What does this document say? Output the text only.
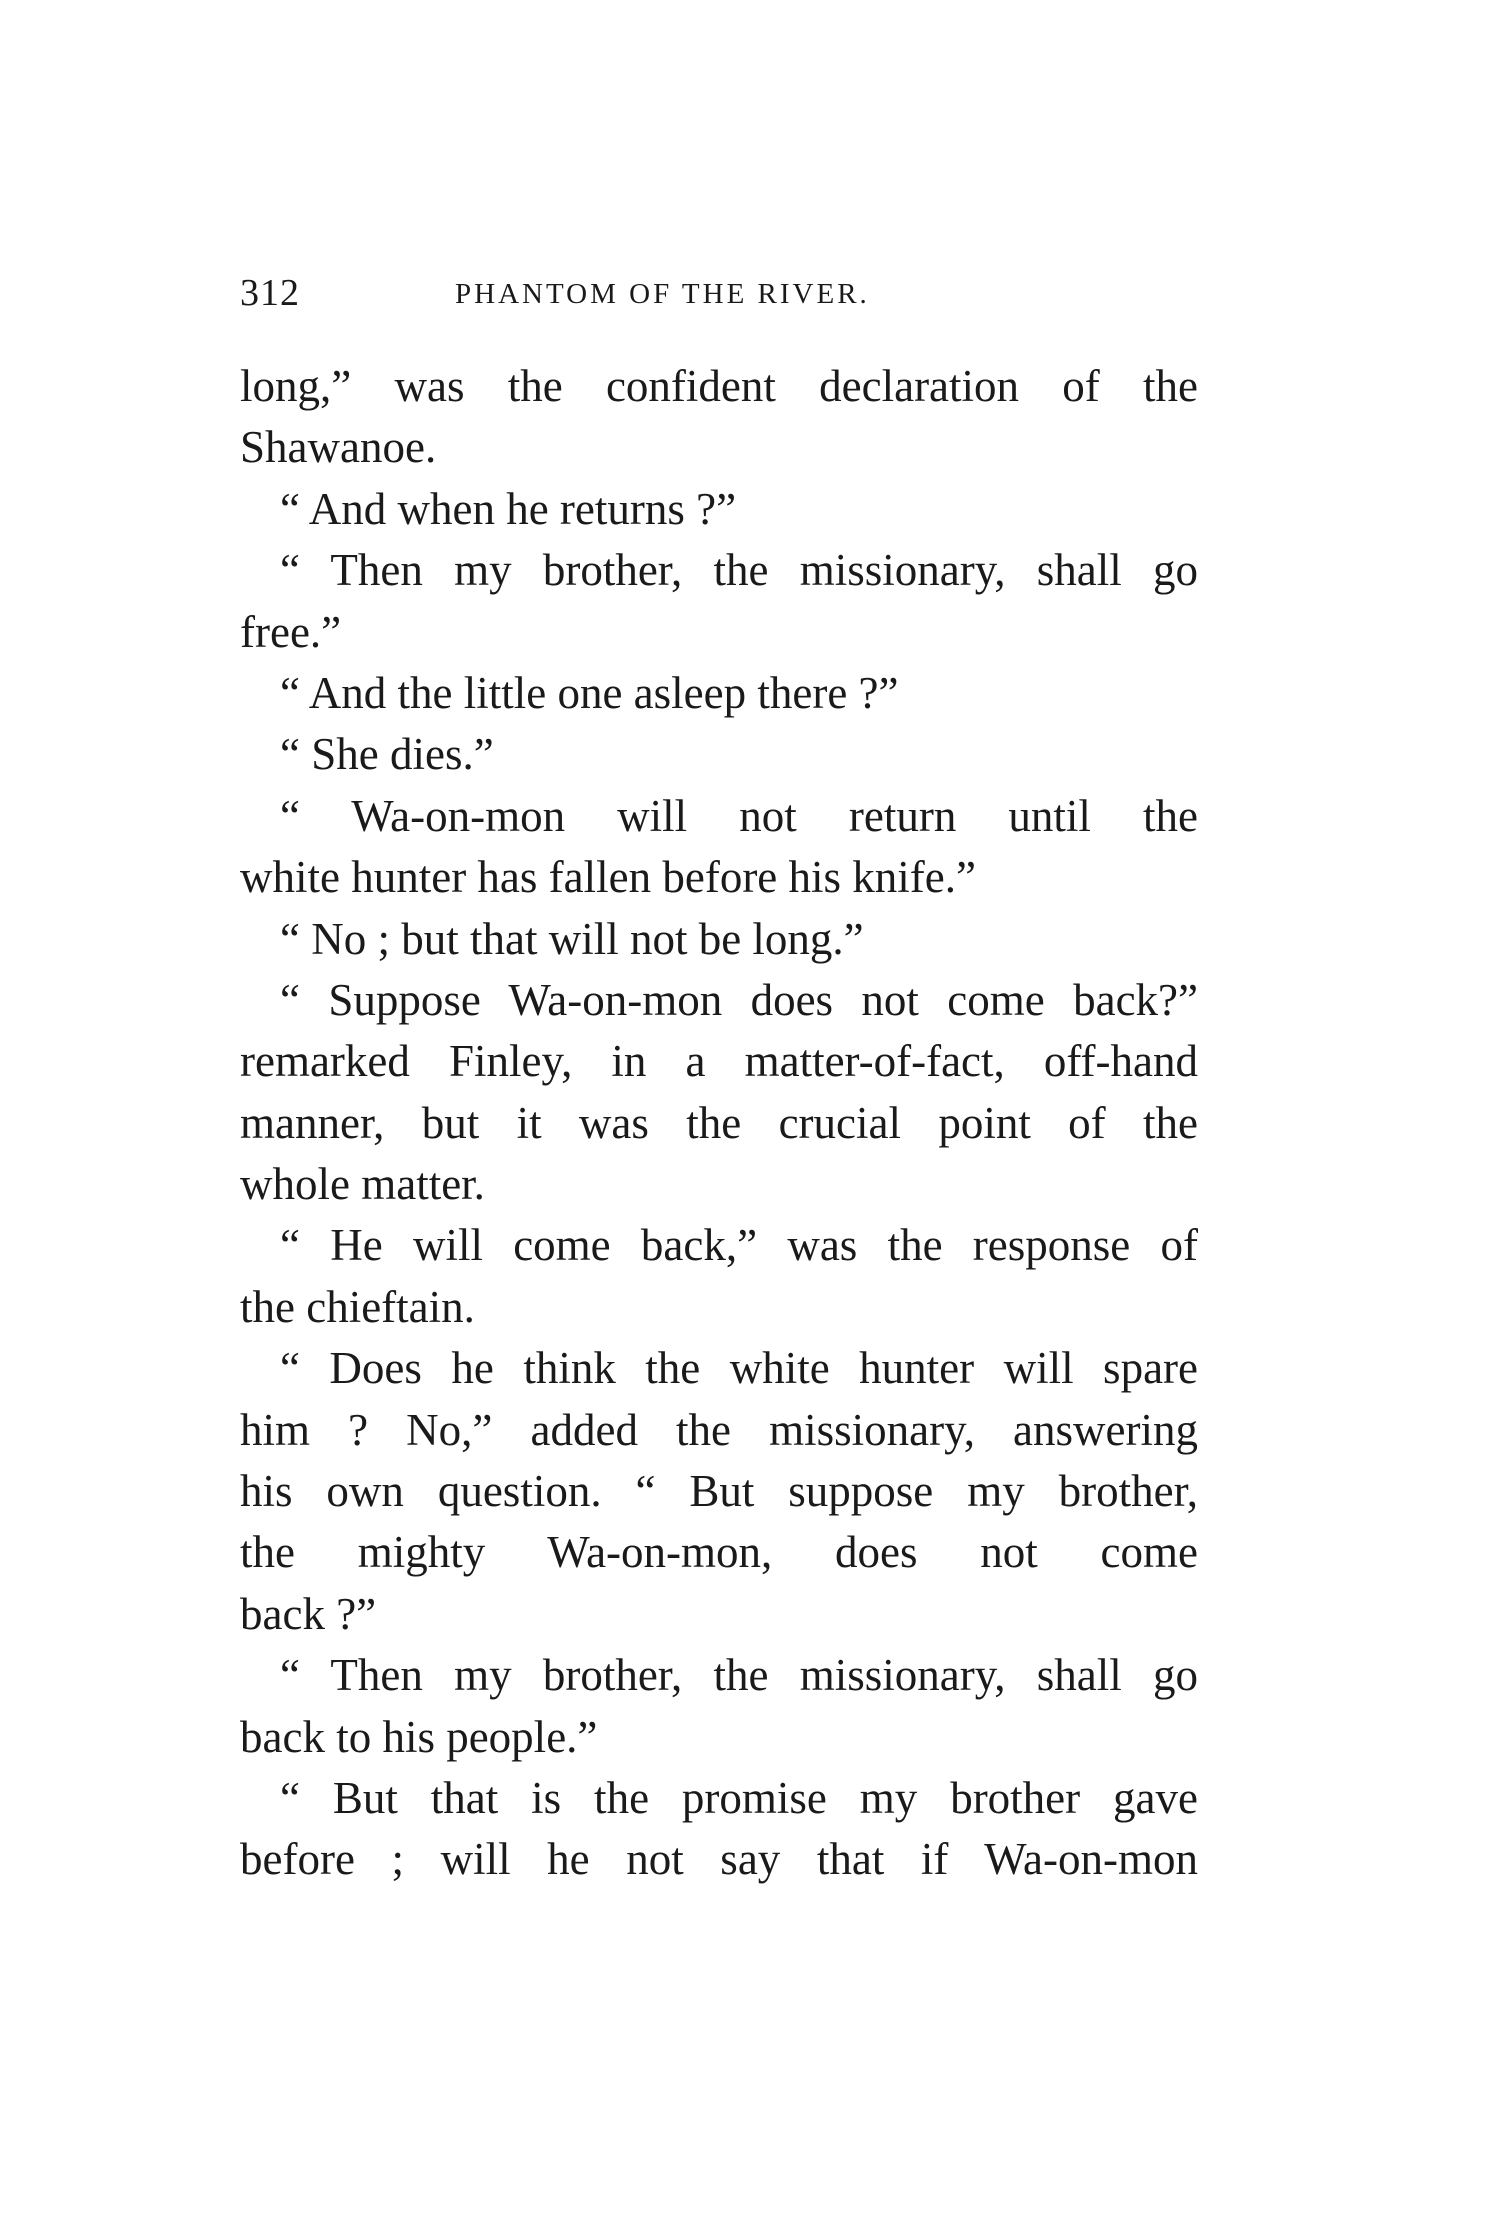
312	PHANTOM OF THE RIVER.
long,” was the confident declaration of the
Shawanoe.
“ And when he returns ?”
“ Then my brother, the missionary, shall go
free.”
“ And the little one asleep there ?”
“ She dies.”
“ Wa-on-mon will not return until the
white hunter has fallen before his knife.”
“ No ; but that will not be long.”
“ Suppose Wa-on-mon does not come back?”
remarked Finley, in a matter-of-fact, off-hand
manner, but it was the crucial point of the
whole matter.
“ He will come back,” was the response of
the chieftain.
“ Does he think the white hunter will spare
him ? No,” added the missionary, answering
his own question. “ But suppose my brother,
the mighty Wa-on-mon, does not come
back ?”
“ Then my brother, the missionary, shall go
back to his people.”
“ But that is the promise my brother gave
before ; will he not say that if Wa-on-mon
